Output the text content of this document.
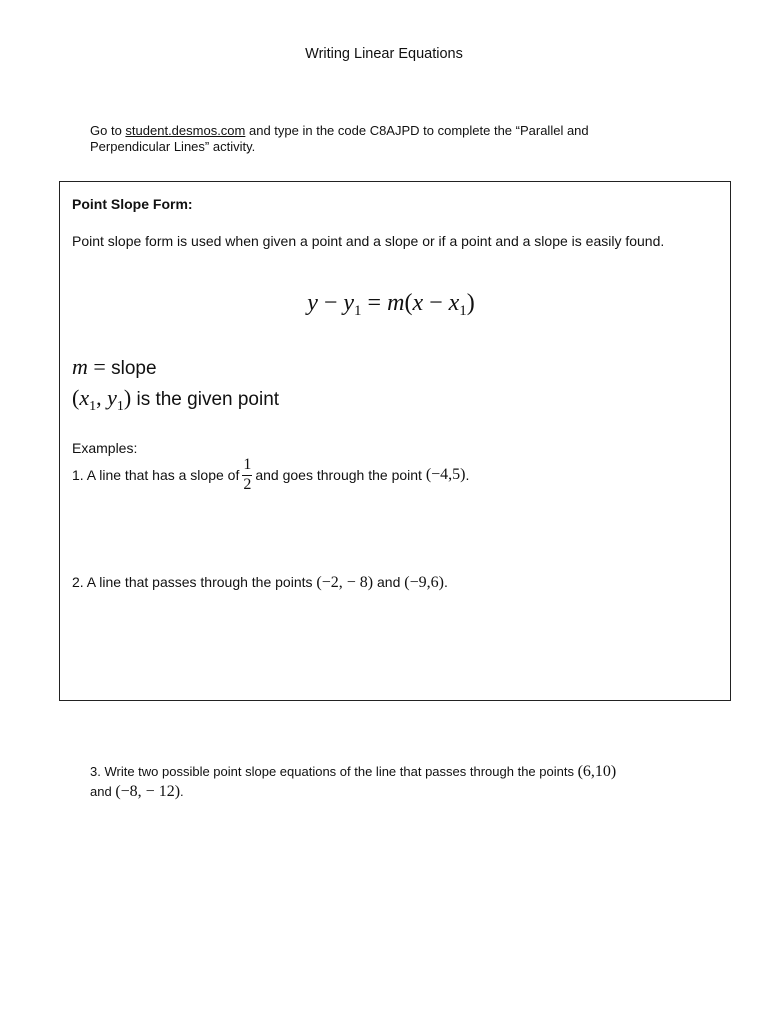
Writing Linear Equations
Go to student.desmos.com and type in the code C8AJPD to complete the “Parallel and
Perpendicular Lines” activity.
Point Slope Form:
Point slope form is used when given a point and a slope or if a point and a slope is easily found.
$y - y_1 = m(x - x_1)$
m = slope
($x_1$, $y_1$) is the given point
Examples:
1. A line that has a slope of $\frac{1}{2}$ and goes through the point
(−4,5) .
2. A line that passes through the points (−2, − 8) and (−9,6).
3. Write two possible point slope equations of the line that passes through the points (6,10)
and (−8, − 12).
